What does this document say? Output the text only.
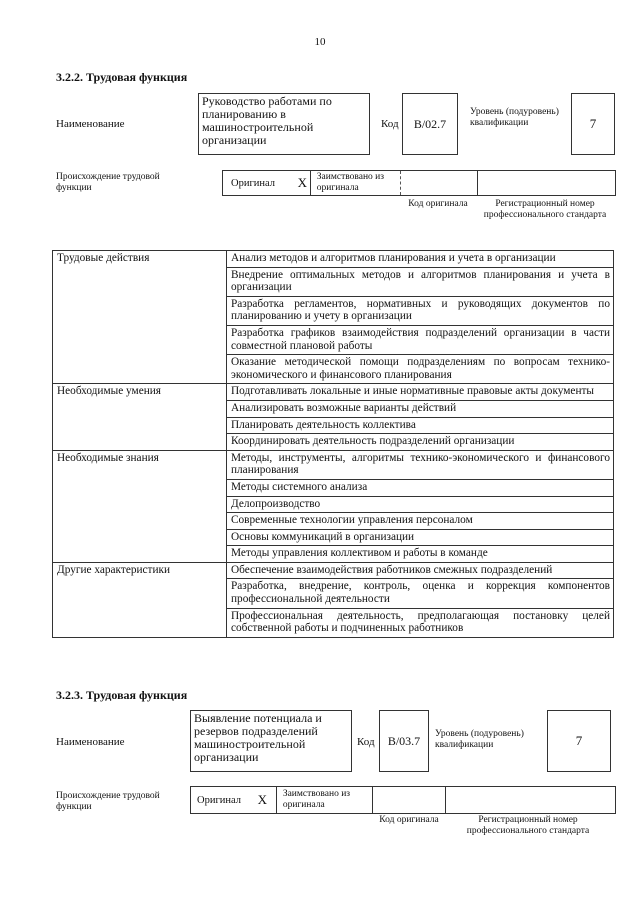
10
3.2.2. Трудовая функция
Наименование
Руководство работами по планированию в машиностроительной организации
Код	B/02.7
Уровень (подуровень) квалификации	7
Происхождение трудовой функции	Оригинал	X	Заимствовано из оригинала
Код оригинала	Регистрационный номер профессионального стандарта
Трудовые действия	Анализ методов и алгоритмов планирования и учета в организации
	Внедрение оптимальных методов и алгоритмов планирования и учета в организации
	Разработка регламентов, нормативных и руководящих документов по планированию и учету в организации
	Разработка графиков взаимодействия подразделений организации в части совместной плановой работы
	Оказание методической помощи подразделениям по вопросам технико-экономического и финансового планирования
Необходимые умения	Подготавливать локальные и иные нормативные правовые акты документы
	Анализировать возможные варианты действий
	Планировать деятельность коллектива
	Координировать деятельность подразделений организации
Необходимые знания	Методы, инструменты, алгоритмы технико-экономического и финансового планирования
	Методы системного анализа
	Делопроизводство
	Современные технологии управления персоналом
	Основы коммуникаций в организации
	Методы управления коллективом и работы в команде
Другие характеристики	Обеспечение взаимодействия работников смежных подразделений
	Разработка, внедрение, контроль, оценка и коррекция компонентов профессиональной деятельности
	Профессиональная деятельность, предполагающая постановку целей собственной работы и подчиненных работников
3.2.3. Трудовая функция
Наименование
Выявление потенциала и резервов подразделений машиностроительной организации
Код	B/03.7	Уровень (подуровень) квалификации	7
Происхождение трудовой функции
Оригинал	X	Заимствовано из оригинала
Код оригинала	Регистрационный номер профессионального стандарта
